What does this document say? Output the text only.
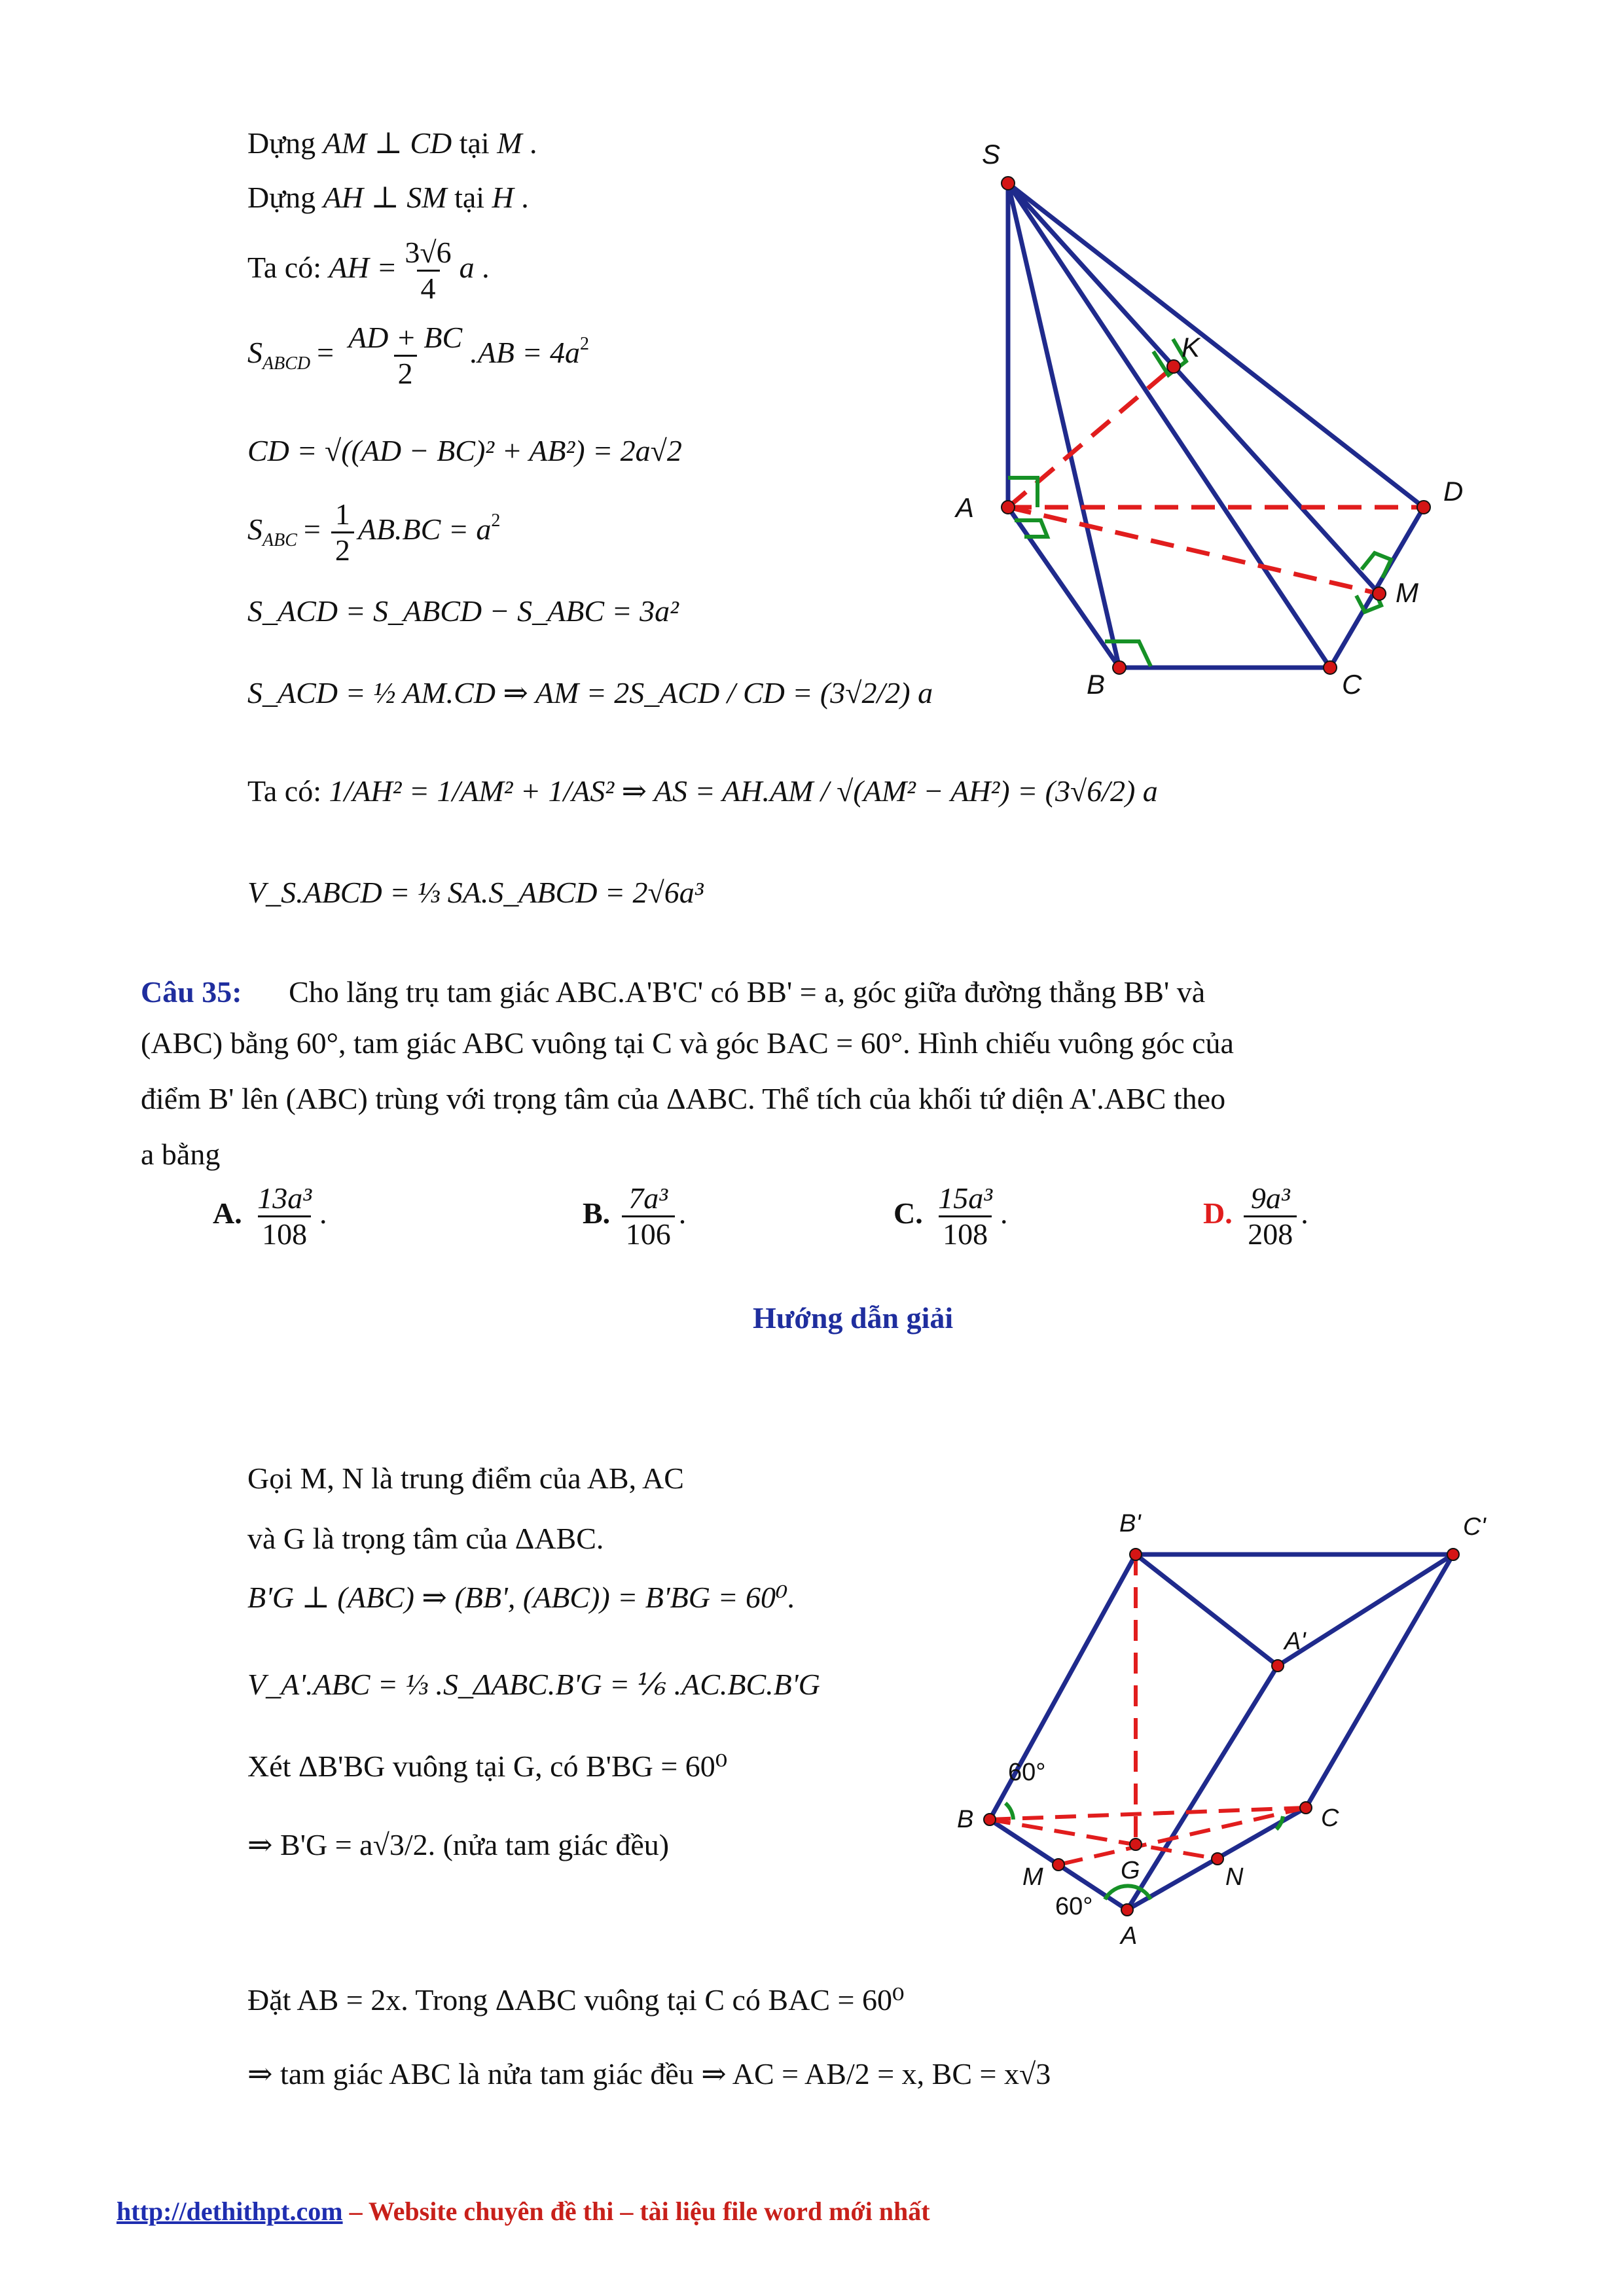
Dựng AM ⊥ CD tại M .
Dựng AH ⊥ SM tại H .
Ta có: AH = $\frac{3√6}{4}$ a .
$S_{ABCD} = \frac{AD + BC}{2} .AB = 4a^2$
CD = √((AD − BC)² + AB²) = 2a√2
$S_{ABC} = \frac{1}{2} AB.BC = a^2$
S_ACD = S_ABCD − S_ABC = 3a²
S_ACD = ½ AM.CD ⇒ AM = 2S_ACD / CD = (3√2/2) a
Ta có: 1/AH² = 1/AM² + 1/AS² ⇒ AS = AH.AM / √(AM² − AH²) = (3√6/2) a
V_S.ABCD = ⅓ SA.S_ABCD = 2√6a³
S
K
A
D
M
B	C
Câu 35: Cho lăng trụ tam giác ABC.A'B'C' có BB' = a, góc giữa đường thẳng BB' và
(ABC) bằng 60°, tam giác ABC vuông tại C và góc BAC = 60°. Hình chiếu vuông góc của
điểm B' lên (ABC) trùng với trọng tâm của ΔABC. Thể tích của khối tứ diện A'.ABC theo
a bằng
A. $\frac{\text{13a³}}{108}$ .	B. $\frac{\text{7a³}}{106}$ .	C. $\frac{\text{15a³}}{108}$ .	D. $\frac{\text{9a³}}{208}$ .
Hướng dẫn giải
Gọi M, N là trung điểm của AB, AC
và G là trọng tâm của ΔABC.
B'G ⊥ (ABC) ⇒ (BB', (ABC)) = B'BG = 60⁰.
V_A'.ABC = ⅓ .S_ΔABC.B'G = ⅙ .AC.BC.B'G
Xét ΔB'BG vuông tại G, có B'BG = 60⁰
⇒ B'G = a√3/2. (nửa tam giác đều)
Đặt AB = 2x. Trong ΔABC vuông tại C có BAC = 60⁰
⇒ tam giác ABC là nửa tam giác đều ⇒ AC = AB/2 = x, BC = x√3
B'	C'
A'
B	C
G
M	N
A
60°
60°
http://dethithpt.com – Website chuyên đề thi – tài liệu file word mới nhất
